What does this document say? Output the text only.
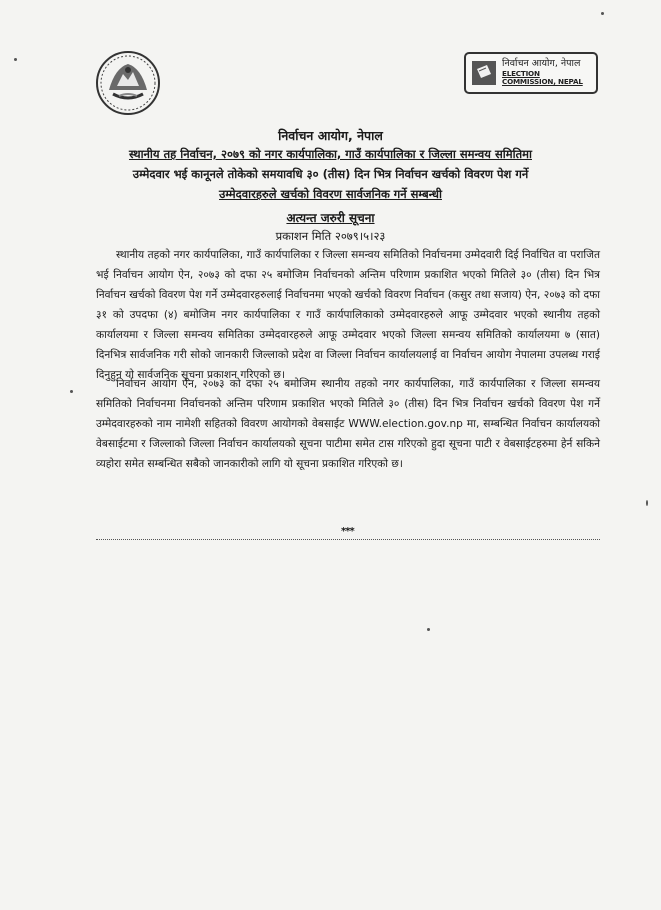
निर्वाचन आयोग, नेपाल
ELECTION COMMISSION, NEPAL
निर्वाचन आयोग, नेपाल
स्थानीय तह निर्वाचन, २०७९ को नगर कार्यपालिका, गाउँ कार्यपालिका र जिल्ला समन्वय समितिमा
उम्मेदवार भई कानूनले तोकेको समयावधि ३० (तीस) दिन भित्र निर्वाचन खर्चको विवरण पेश गर्ने
उम्मेदवारहरुले खर्चको विवरण सार्वजनिक गर्ने सम्बन्धी
अत्यन्त जरुरी सूचना
प्रकाशन मिति २०७९।५।२३

स्थानीय तहको नगर कार्यपालिका, गाउँ कार्यपालिका र जिल्ला समन्वय समितिको निर्वाचनमा उम्मेदवारी दिई निर्वाचित वा पराजित भई निर्वाचन आयोग ऐन, २०७३ को दफा २५ बमोजिम निर्वाचनको अन्तिम परिणाम प्रकाशित भएको मितिले ३० (तीस) दिन भित्र निर्वाचन खर्चको विवरण पेश गर्ने उम्मेदवारहरुलाई निर्वाचनमा भएको खर्चको विवरण निर्वाचन (कसुर तथा सजाय) ऐन, २०७३ को दफा ३१ को उपदफा (४) बमोजिम नगर कार्यपालिका र गाउँ कार्यपालिकाको उम्मेदवारहरुले आफू उम्मेदवार भएको स्थानीय तहको कार्यालयमा र जिल्ला समन्वय समितिका उम्मेदवारहरुले आफू उम्मेदवार भएको जिल्ला समन्वय समितिको कार्यालयमा ७ (सात) दिनभित्र सार्वजनिक गरी सोको जानकारी जिल्लाको प्रदेश वा जिल्ला निर्वाचन कार्यालयलाई वा निर्वाचन आयोग नेपालमा उपलब्ध गराई दिनुहुन यो सार्वजनिक सूचना प्रकाशन गरिएको छ।

निर्वाचन आयोग ऐन, २०७३ को दफा २५ बमोजिम स्थानीय तहको नगर कार्यपालिका, गाउँ कार्यपालिका र जिल्ला समन्वय समितिको निर्वाचनमा निर्वाचनको अन्तिम परिणाम प्रकाशित भएको मितिले ३० (तीस) दिन भित्र निर्वाचन खर्चको विवरण पेश गर्ने उम्मेदवारहरुको नाम नामेशी सहितको विवरण आयोगको वेबसाईट WWW.election.gov.np मा, सम्बन्धित निर्वाचन कार्यालयको वेबसाईटमा र जिल्लाको जिल्ला निर्वाचन कार्यालयको सूचना पाटीमा समेत टास गरिएको हुदा सूचना पाटी र वेबसाईटहरुमा हेर्न सकिने व्यहोरा समेत सम्बन्धित सबैको जानकारीको लागि यो सूचना प्रकाशित गरिएको छ।

***
